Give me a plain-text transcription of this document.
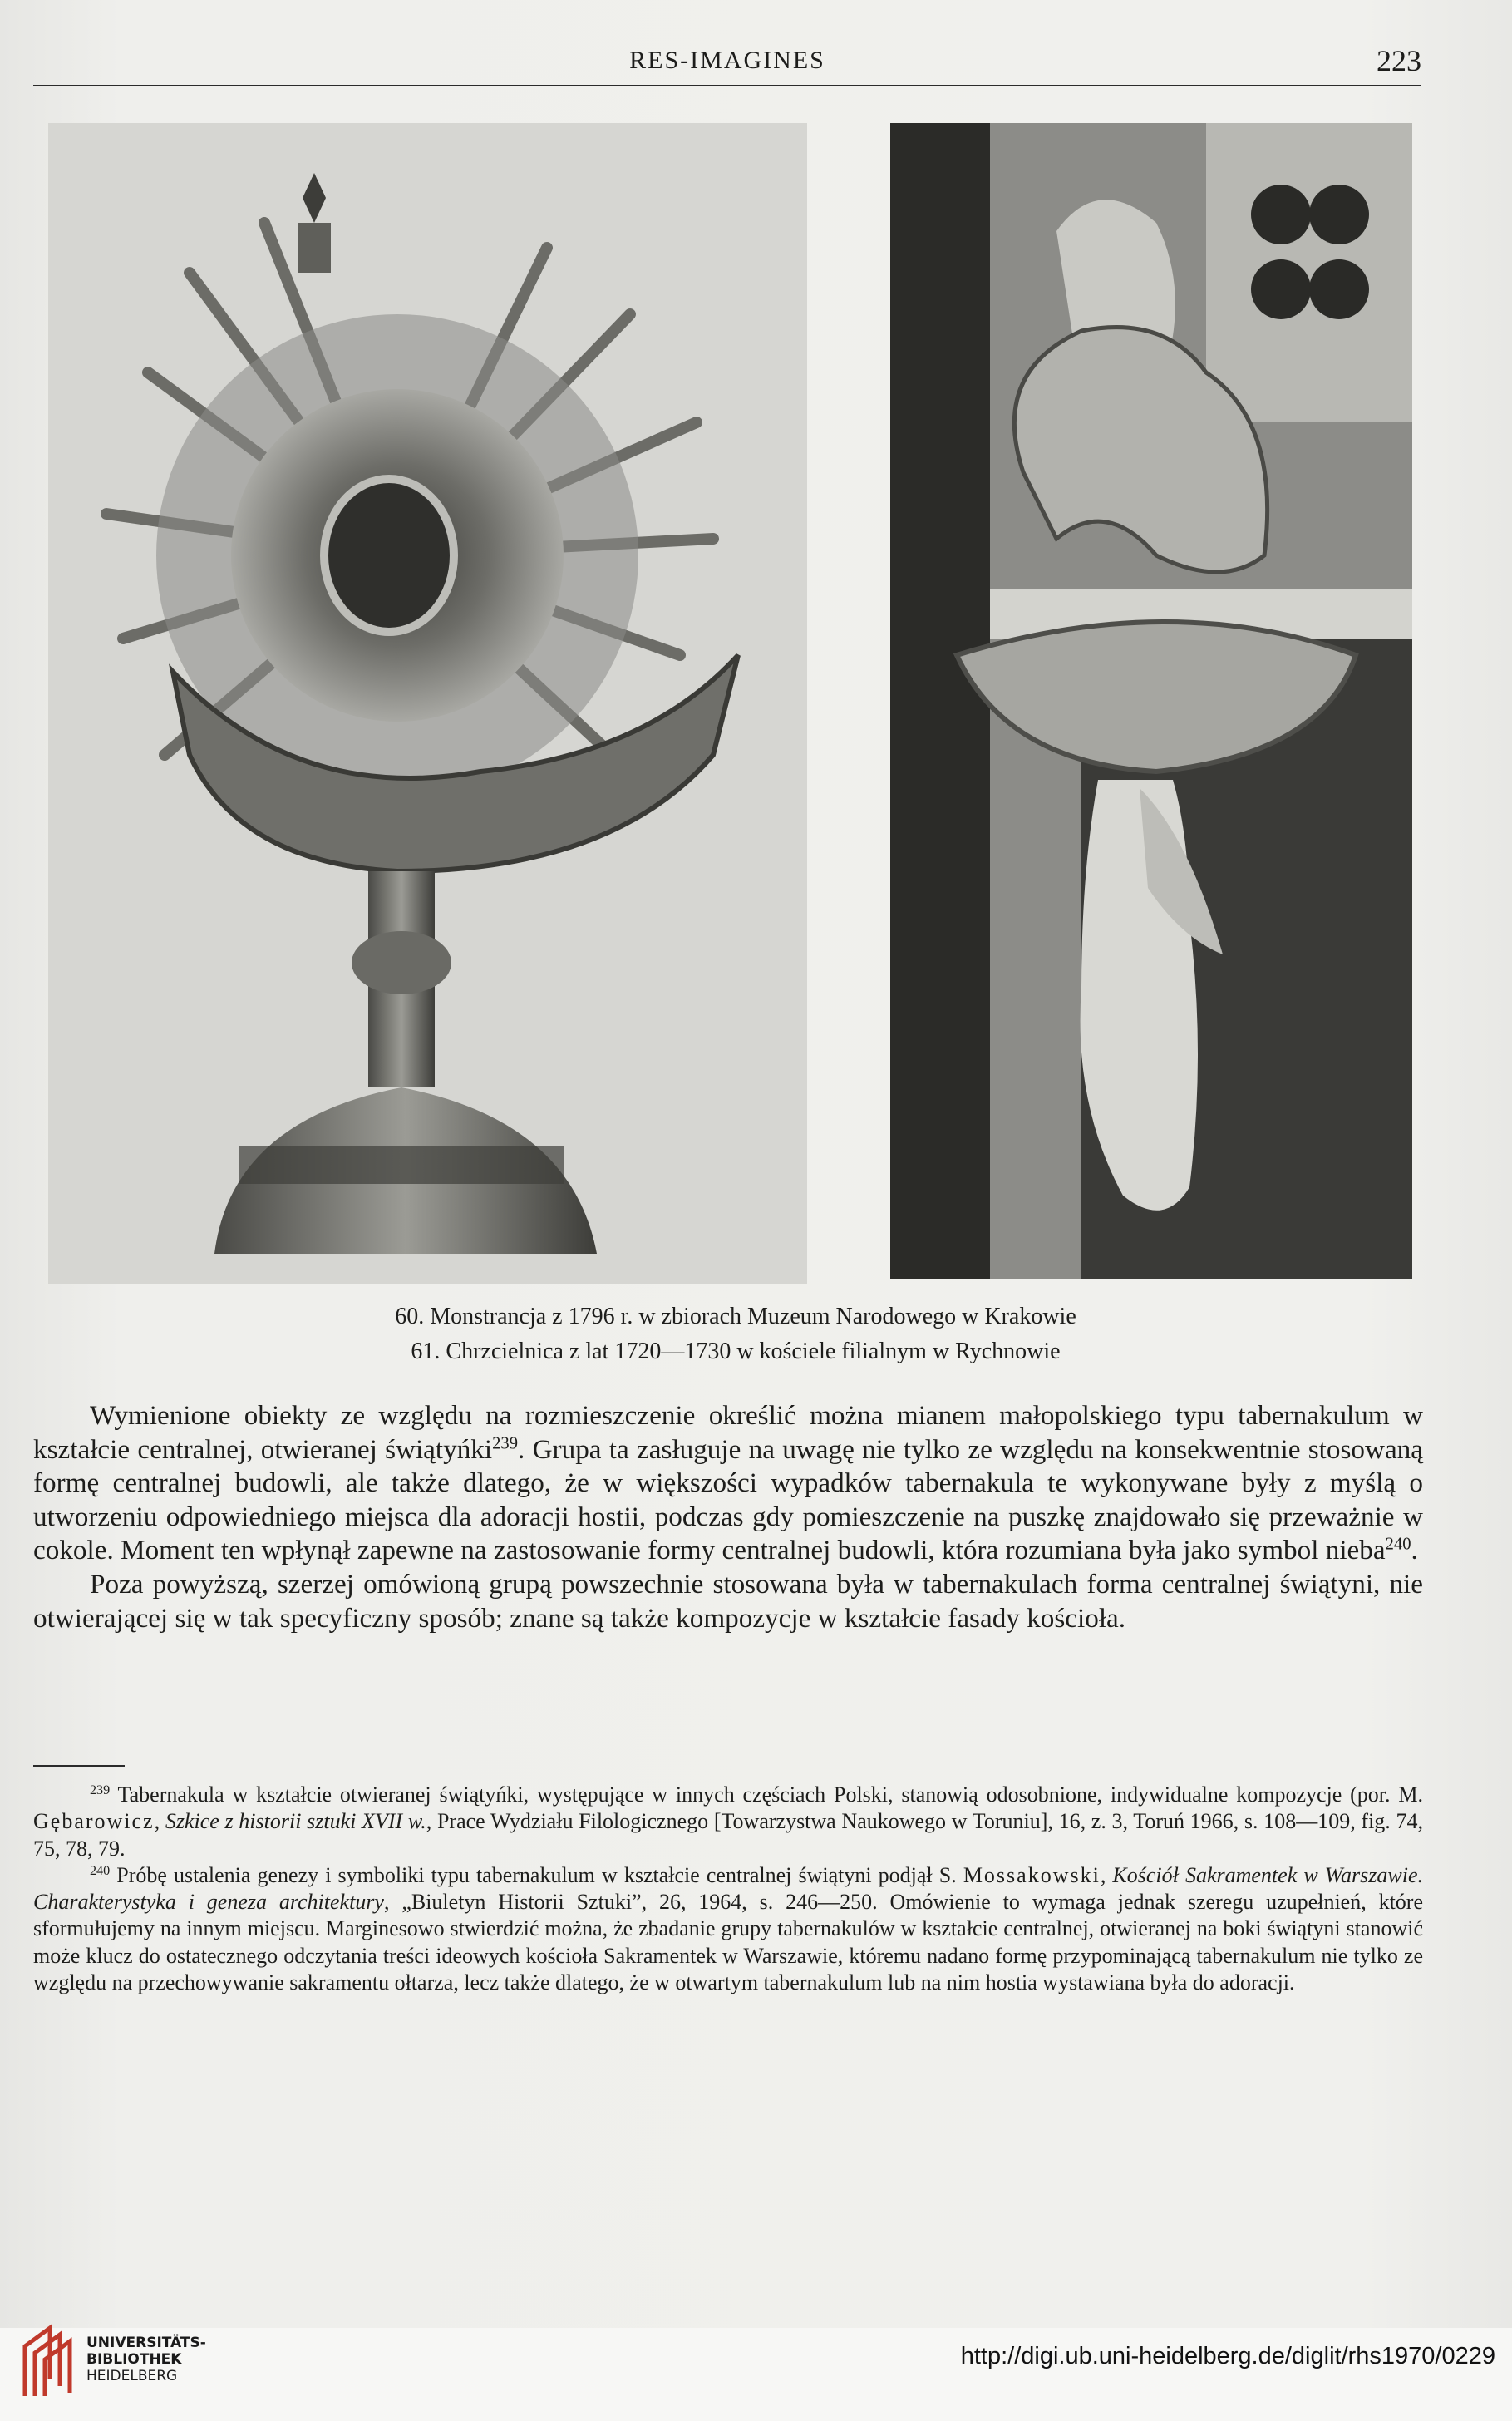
RES-IMAGINES	223
60. Monstrancja z 1796 r. w zbiorach Muzeum Narodowego w Krakowie
61. Chrzcielnica z lat 1720—1730 w kościele filialnym w Rychnowie

Wymienione obiekty ze względu na rozmieszczenie określić można mianem małopolskiego typu tabernakulum w kształcie centralnej, otwieranej świątyńki$^{239}$. Grupa ta zasługuje na uwagę nie tylko ze względu na konsekwentnie stosowaną formę centralnej budowli, ale także dlatego, że w większości wypadków tabernakula te wykonywane były z myślą o utworzeniu odpowiedniego miejsca dla adoracji hostii, podczas gdy pomieszczenie na puszkę znajdowało się przeważnie w cokole. Moment ten wpłynął zapewne na zastosowanie formy centralnej budowli, która rozumiana była jako symbol nieba$^{240}$.

Poza powyższą, szerzej omówioną grupą powszechnie stosowana była w tabernakulach forma centralnej świątyni, nie otwierającej się w tak specyficzny sposób; znane są także kompozycje w kształcie fasady kościoła.

$^{239}$ Tabernakula w kształcie otwieranej świątyńki, występujące w innych częściach Polski, stanowią odosobnione, indywidualne kompozycje (por. M. Gębarowicz, Szkice z historii sztuki XVII w., Prace Wydziału Filologicznego [Towarzystwa Naukowego w Toruniu], 16, z. 3, Toruń 1966, s. 108—109, fig. 74, 75, 78, 79.

$^{240}$ Próbę ustalenia genezy i symboliki typu tabernakulum w kształcie centralnej świątyni podjął S. Mossakowski, Kościół Sakramentek w Warszawie. Charakterystyka i geneza architektury, „Biuletyn Historii Sztuki”, 26, 1964, s. 246—250. Omówienie to wymaga jednak szeregu uzupełnień, które sformułujemy na innym miejscu. Marginesowo stwierdzić można, że zbadanie grupy tabernakulów w kształcie centralnej, otwieranej na boki świątyni stanowić może klucz do ostatecznego odczytania treści ideowych kościoła Sakramentek w Warszawie, któremu nadano formę przypominającą tabernakulum nie tylko ze względu na przechowywanie sakramentu ołtarza, lecz także dlatego, że w otwartym tabernakulum lub na nim hostia wystawiana była do adoracji.

UNIVERSITÄTS-
BIBLIOTHEK
HEIDELBERG
http://digi.ub.uni-heidelberg.de/diglit/rhs1970/0229
